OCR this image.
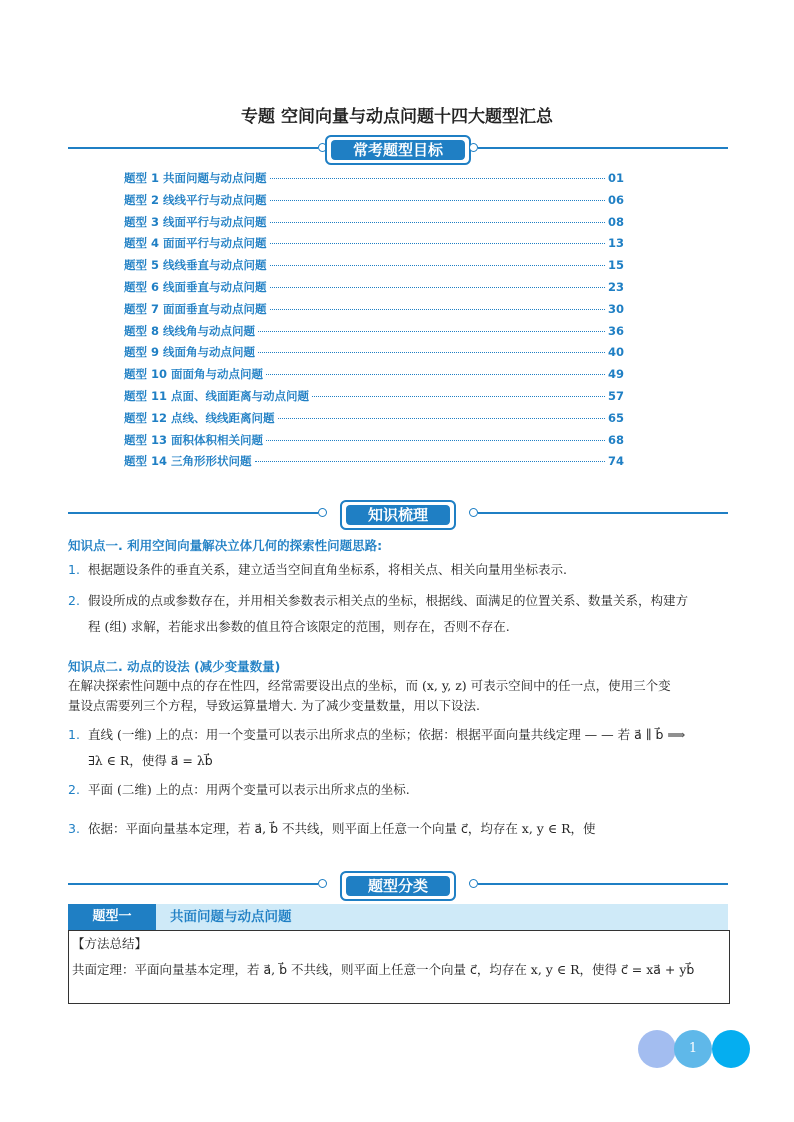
专题 空间向量与动点问题十四大题型汇总
常考题型目标
题型 1 共面问题与动点问题	01
题型 2 线线平行与动点问题	06
题型 3 线面平行与动点问题	08
题型 4 面面平行与动点问题	13
题型 5 线线垂直与动点问题	15
题型 6 线面垂直与动点问题	23
题型 7 面面垂直与动点问题	30
题型 8 线线角与动点问题	36
题型 9 线面角与动点问题	40
题型 10 面面角与动点问题	49
题型 11 点面、线面距离与动点问题	57
题型 12 点线、线线距离问题	65
题型 13 面积体积相关问题	68
题型 14 三角形形状问题	74
知识梳理
知识点一. 利用空间向量解决立体几何的探索性问题思路:
1. 根据题设条件的垂直关系，建立适当空间直角坐标系，将相关点、相关向量用坐标表示.
2. 假设所成的点或参数存在，并用相关参数表示相关点的坐标，根据线、面满足的位置关系、数量关系，构建方
程 (组) 求解，若能求出参数的值且符合该限定的范围，则存在，否则不存在.
知识点二. 动点的设法 (减少变量数量)
在解决探索性问题中点的存在性四，经常需要设出点的坐标，而 (x, y, z) 可表示空间中的任一点，使用三个变
量设点需要列三个方程，导致运算量增大. 为了减少变量数量，用以下设法.
1. 直线 (一维) 上的点：用一个变量可以表示出所求点的坐标；依据：根据平面向量共线定理 — — 若 a⃗ ∥ b⃗ ⟹
∃λ ∈ R，使得 a⃗ = λb⃗
2. 平面 (二维) 上的点：用两个变量可以表示出所求点的坐标.
3. 依据：平面向量基本定理，若 a⃗, b⃗ 不共线，则平面上任意一个向量 c⃗，均存在 x, y ∈ R，使
题型分类
题型一	共面问题与动点问题
【方法总结】
共面定理：平面向量基本定理，若 a⃗, b⃗ 不共线，则平面上任意一个向量 c⃗，均存在 x, y ∈ R，使得 c⃗ = xa⃗ + yb⃗
1
